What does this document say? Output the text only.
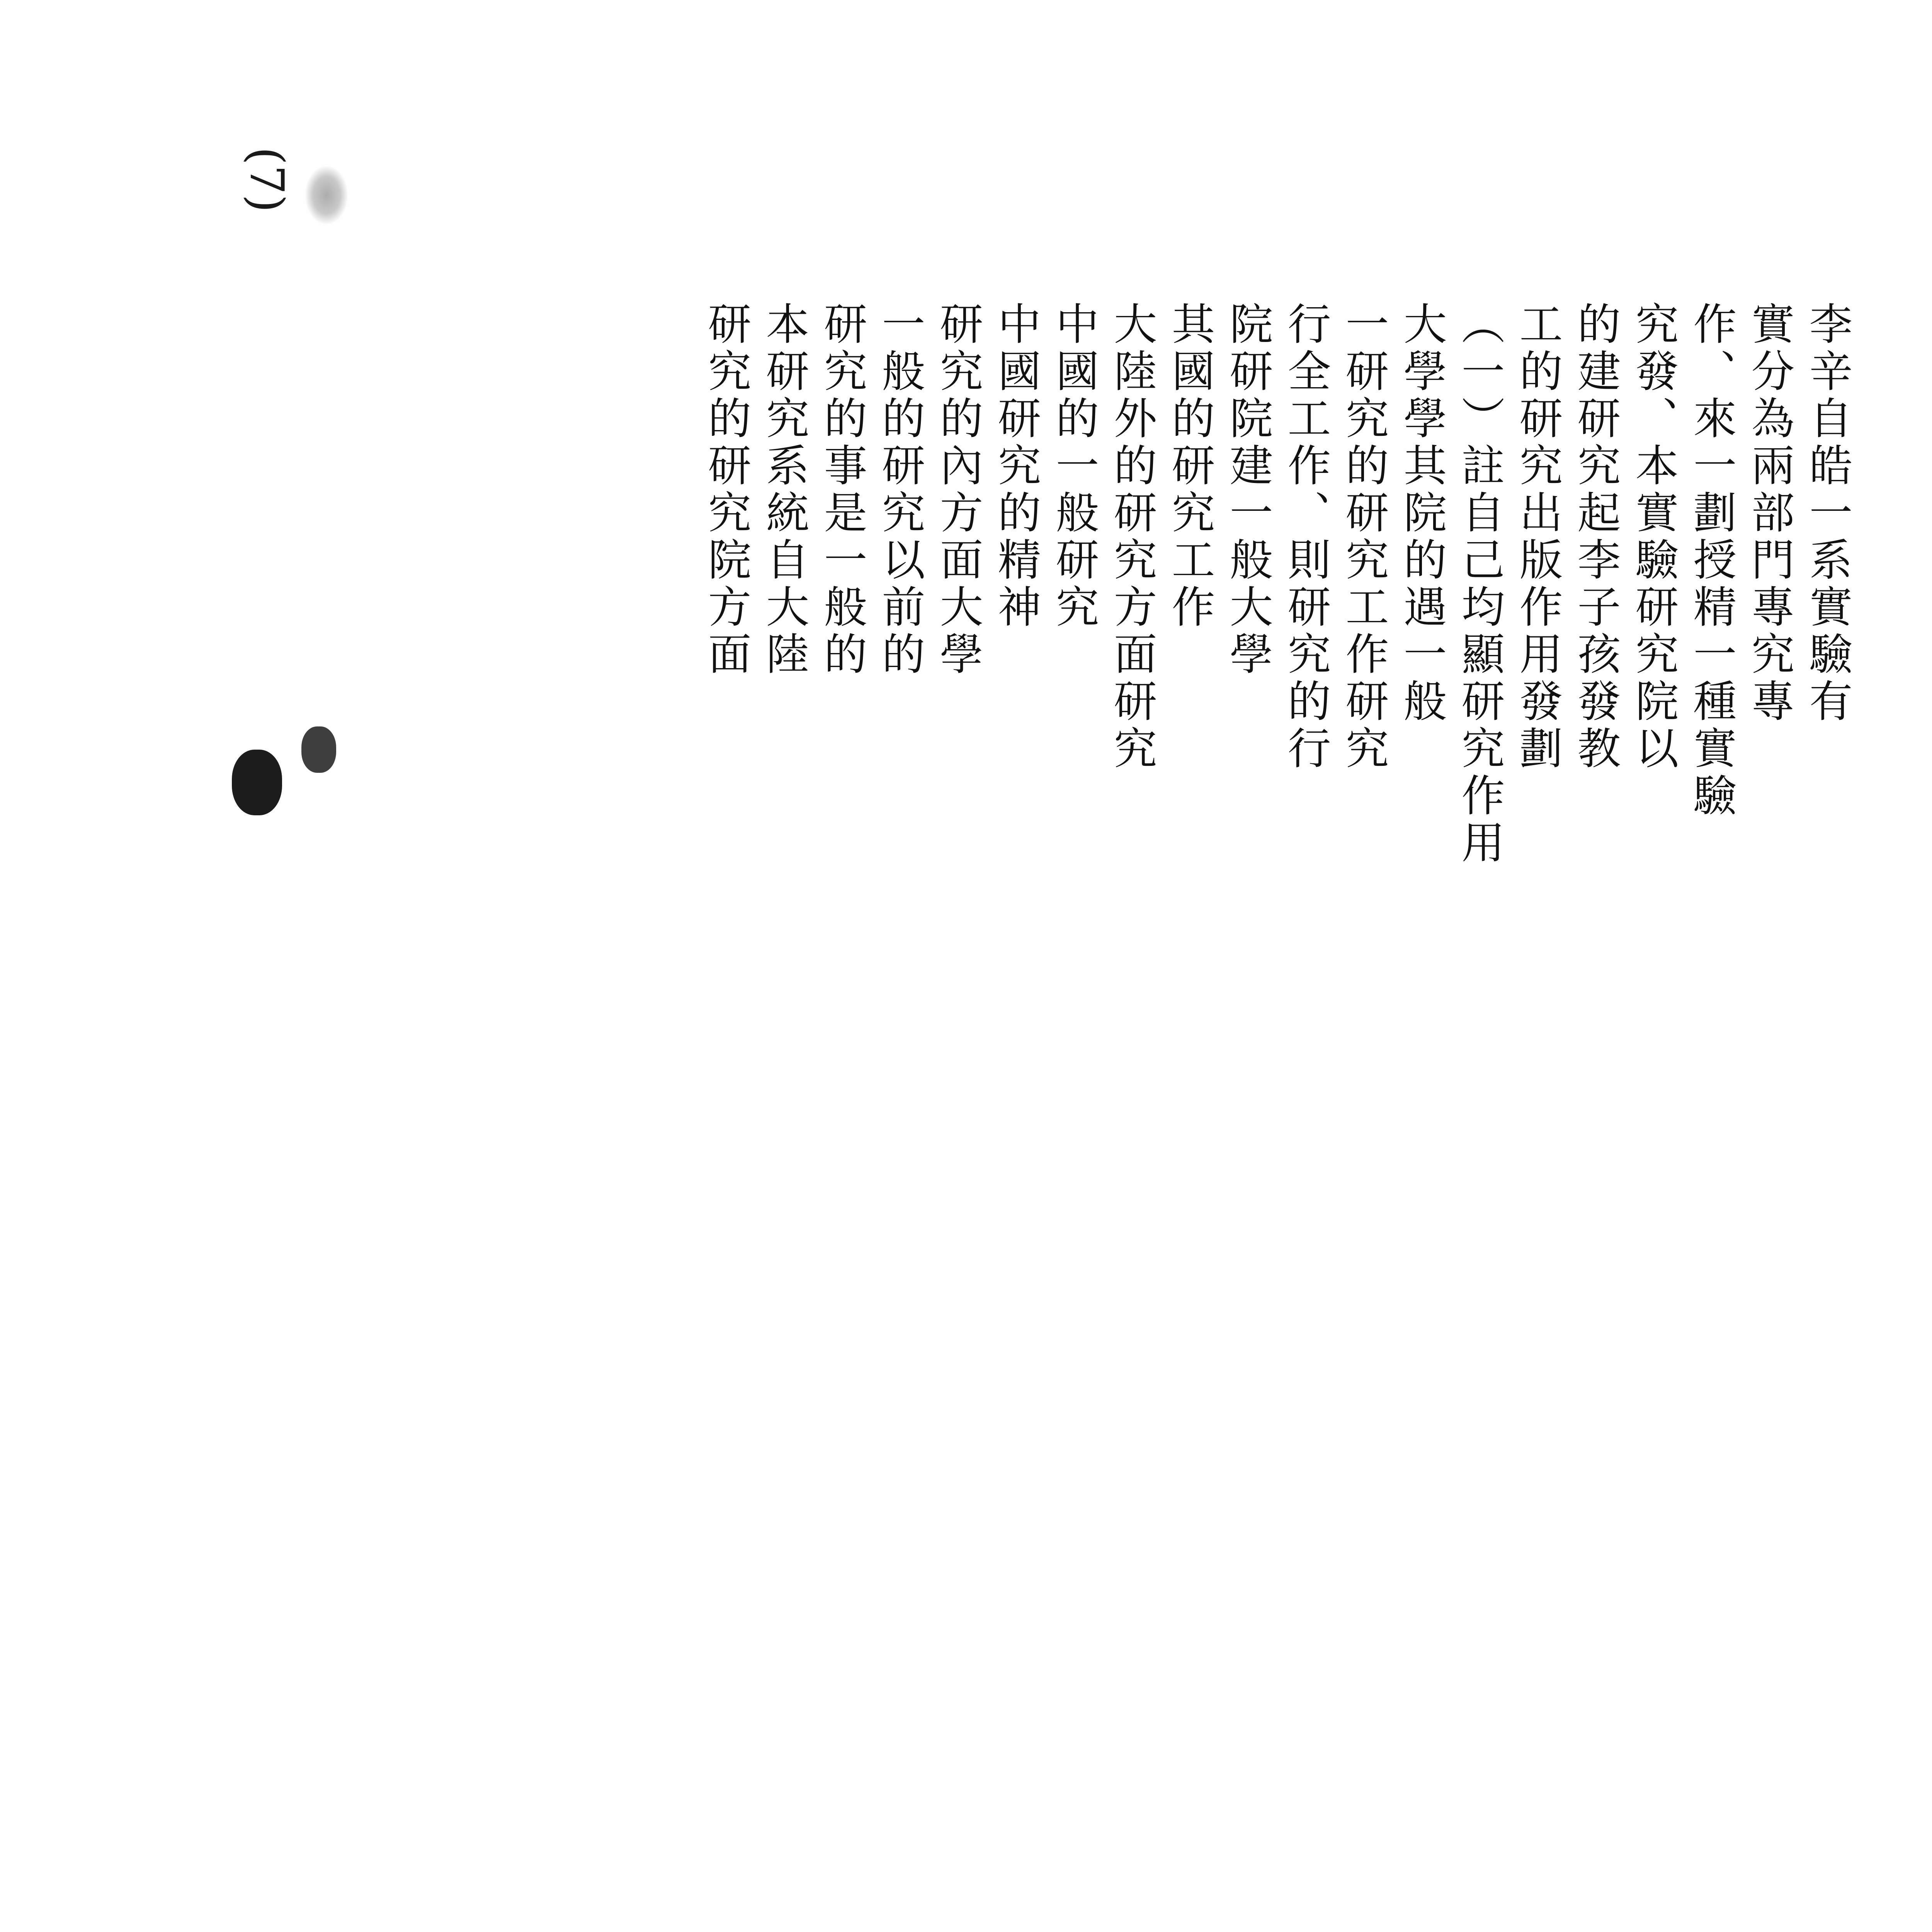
(7)
李辛自皓一系實驗有
實分為兩部門專究專
作、來一劃授精一種實驗
究發、本實驗研究院以
的建研究起李子孩發教
工的研究出版作用發劃
（一）註自己均顯研究作用
大學學其院的遇一般
一研究的研究工作研究
行全工作、則研究的行
院研院建一般大學
其國的研究工作
大陸外的研究方面研究
中國的一般研究
中國研究的精神
研究的內方面大學
一般的研究以前的
研究的事是一般的
本研究系統自大陸
研究的研究院方面
